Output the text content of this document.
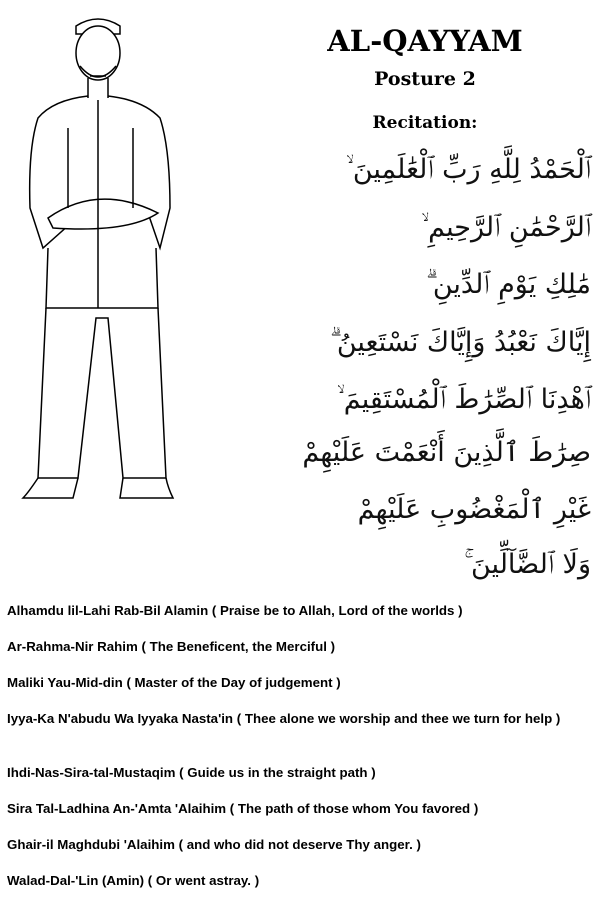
AL-QAYYAM
Posture 2
Recitation:
ٱلْحَمْدُ لِلَّهِ رَبِّ ٱلْعَٰلَمِينَ ۙ
ٱلرَّحْمَٰنِ ٱلرَّحِيمِ ۙ
مَٰلِكِ يَوْمِ ٱلدِّينِ ۗ
إِيَّاكَ نَعْبُدُ وَإِيَّاكَ نَسْتَعِينُ ۗ
ٱهْدِنَا ٱلصِّرَٰطَ ٱلْمُسْتَقِيمَ ۙ
صِرَٰطَ ٱلَّذِينَ أَنْعَمْتَ عَلَيْهِمْ
غَيْرِ ٱلْمَغْضُوبِ عَلَيْهِمْ
وَلَا ٱلضَّآلِّينَ ۚ

Alhamdu lil-Lahi Rab-Bil Alamin ( Praise be to Allah, Lord of the worlds )

Ar-Rahma-Nir Rahim ( The Beneficent, the Merciful )

Maliki Yau-Mid-din ( Master of the Day of judgement )

Iyya-Ka N'abudu Wa Iyyaka Nasta'in ( Thee alone we worship and thee we turn for help )

Ihdi-Nas-Sira-tal-Mustaqim ( Guide us in the straight path )

Sira Tal-Ladhina An-'Amta 'Alaihim ( The path of those whom You favored )

Ghair-il Maghdubi 'Alaihim ( and who did not deserve Thy anger. )

Walad-Dal-'Lin (Amin) ( Or went astray. )
